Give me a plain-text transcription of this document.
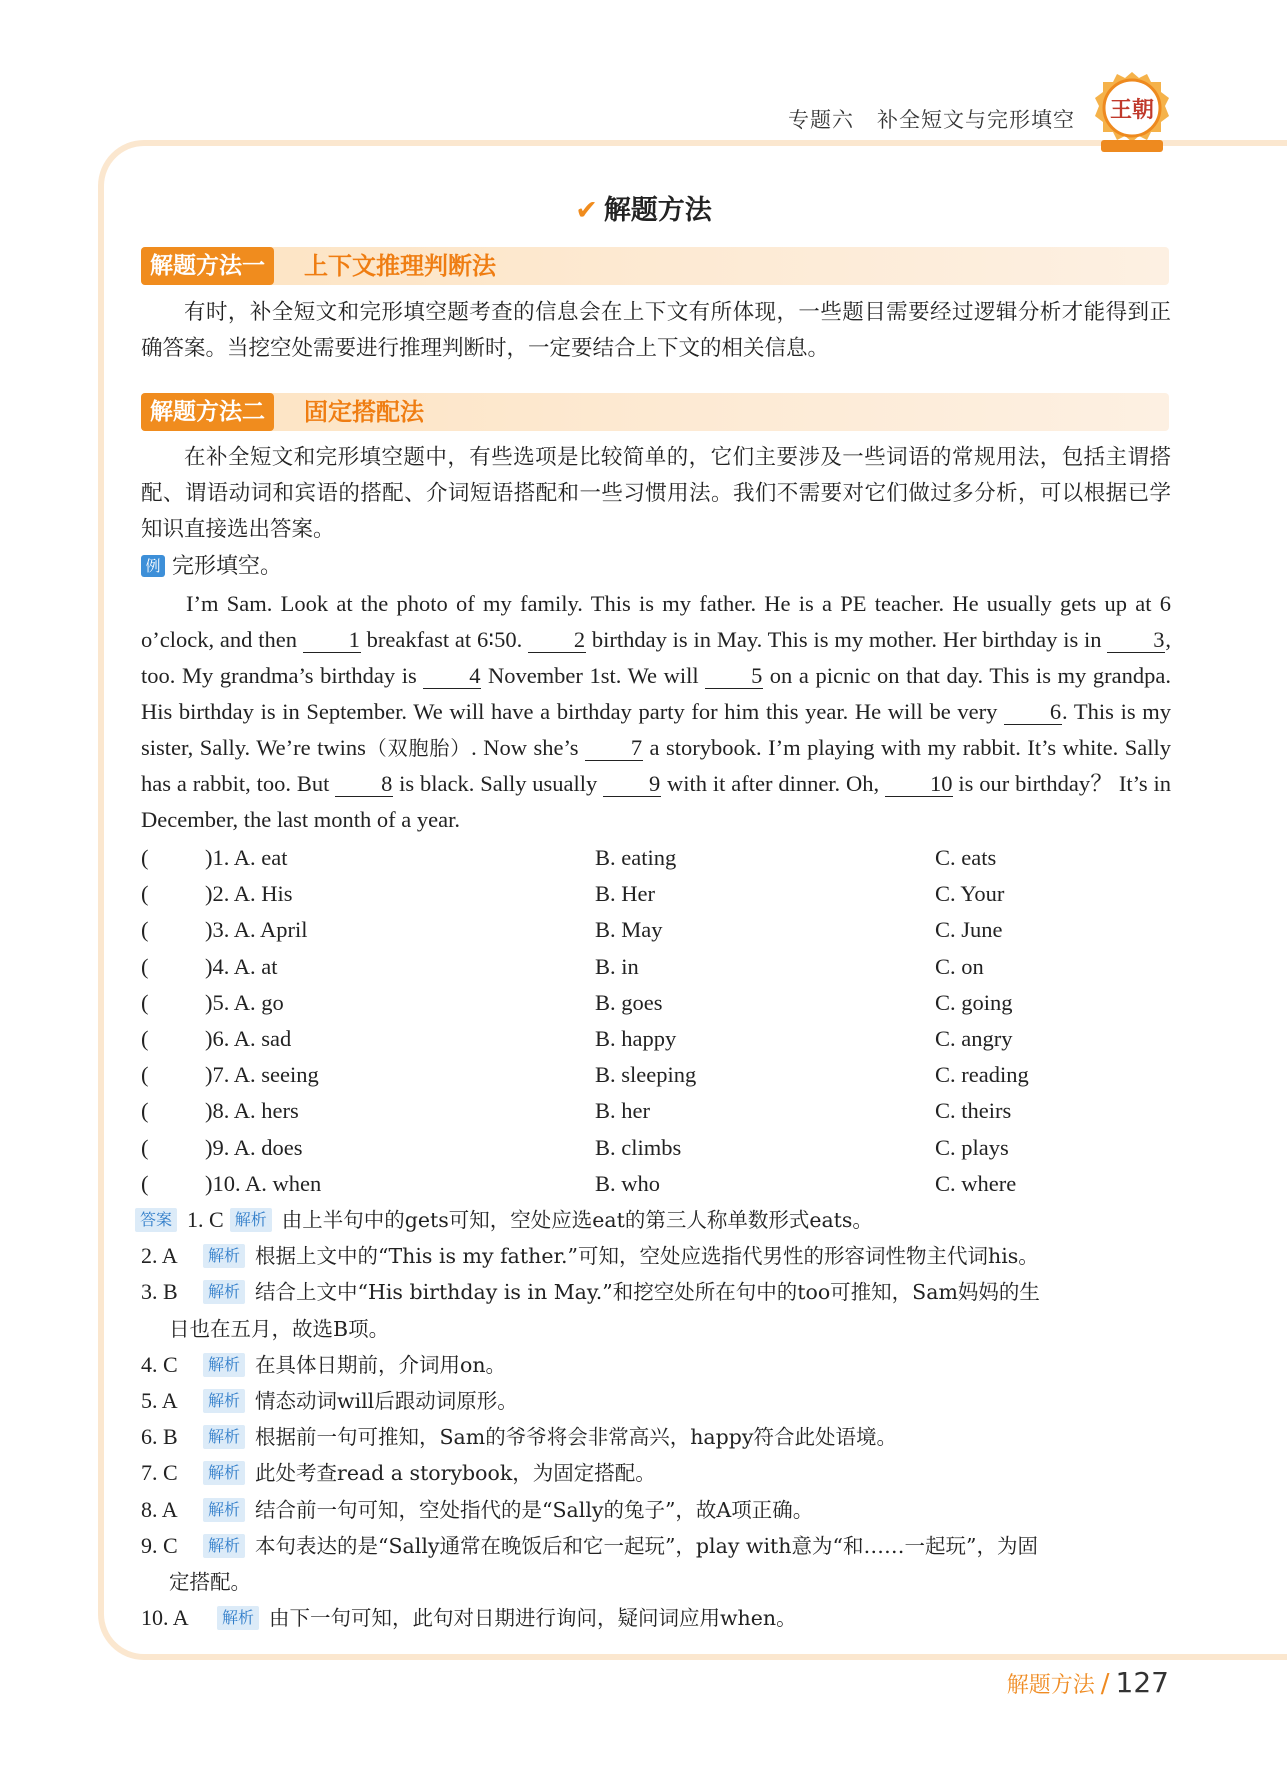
专题六 补全短文与完形填空 王朝
✔ 解题方法
解题方法一	上下文推理判断法

有时，补全短文和完形填空题考查的信息会在上下文有所体现，一些题目需要经过逻辑分析才能得到正确答案。当挖空处需要进行推理判断时，一定要结合上下文的相关信息。

解题方法二	固定搭配法

在补全短文和完形填空题中，有些选项是比较简单的，它们主要涉及一些词语的常规用法，包括主谓搭配、谓语动词和宾语的搭配、介词短语搭配和一些习惯用法。我们不需要对它们做过多分析，可以根据已学知识直接选出答案。

例 完形填空。

I’m Sam. Look at the photo of my family. This is my father. He is a PE teacher. He usually gets up at 6 o’clock, and then 1 breakfast at 6∶50. 2 birthday is in May. This is my mother. Her birthday is in 3, too. My grandma’s birthday is 4 November 1st. We will 5 on a picnic on that day. This is my grandpa. His birthday is in September. We will have a birthday party for him this year. He will be very 6. This is my sister, Sally. We’re twins（双胞胎）. Now she’s 7 a storybook. I’m playing with my rabbit. It’s white. Sally has a rabbit, too. But 8 is black. Sally usually 9 with it after dinner. Oh, 10 is our birthday？ It’s in December, the last month of a year.

(	)1. A. eat	B. eating	C. eats
(	)2. A. His	B. Her	C. Your
(	)3. A. April	B. May	C. June
(	)4. A. at	B. in	C. on
(	)5. A. go	B. goes	C. going
(	)6. A. sad	B. happy	C. angry
(	)7. A. seeing	B. sleeping	C. reading
(	)8. A. hers	B. her	C. theirs
(	)9. A. does	B. climbs	C. plays
(	)10. A. when	B. who	C. where
答案 1. C 解析 由上半句中的gets可知，空处应选eat的第三人称单数形式eats。
2. A 解析 根据上文中的“This is my father.”可知，空处应选指代男性的形容词性物主代词his。
3. B 解析 结合上文中“His birthday is in May.”和挖空处所在句中的too可推知，Sam妈妈的生
日也在五月，故选B项。
4. C 解析 在具体日期前，介词用on。
5. A 解析 情态动词will后跟动词原形。
6. B 解析 根据前一句可推知，Sam的爷爷将会非常高兴，happy符合此处语境。
7. C 解析 此处考查read a storybook，为固定搭配。
8. A 解析 结合前一句可知，空处指代的是“Sally的兔子”，故A项正确。
9. C 解析 本句表达的是“Sally通常在晚饭后和它一起玩”，play with意为“和……一起玩”，为固
定搭配。
10. A 解析 由下一句可知，此句对日期进行询问，疑问词应用when。
解题方法 / 127
